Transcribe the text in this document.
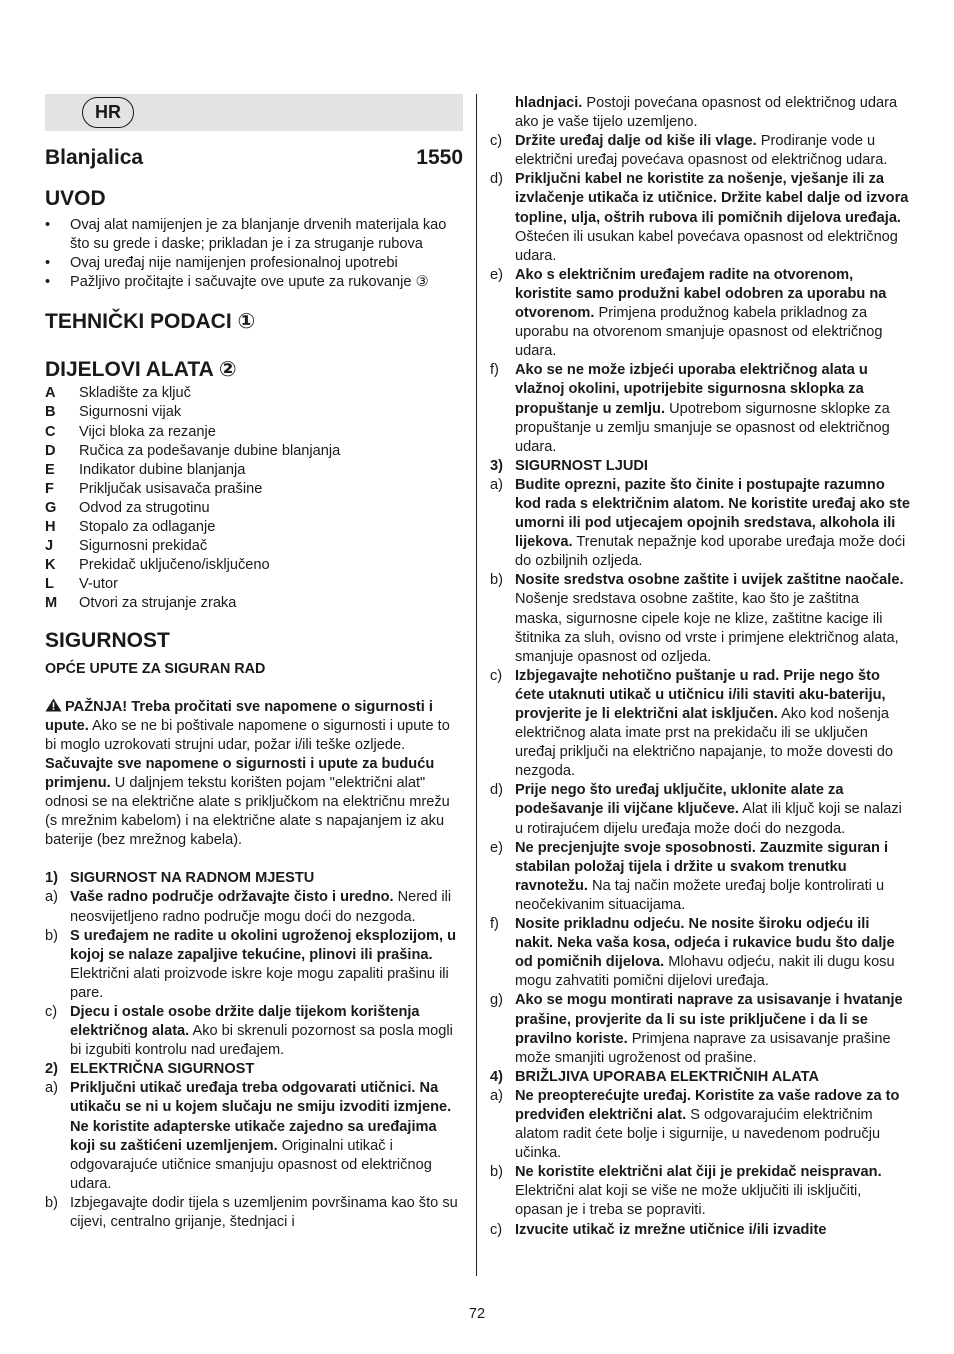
HR
Blanjalica	1550
UVOD
• Ovaj alat namijenjen je za blanjanje drvenih materijala kao što su grede i daske; prikladan je i za struganje rubova
• Ovaj uređaj nije namijenjen profesionalnoj upotrebi
• Pažljivo pročitajte i sačuvajte ove upute za rukovanje ③
TEHNIČKI PODACI ①
DIJELOVI ALATA ②
A	Skladište za ključ
B	Sigurnosni vijak
C	Vijci bloka za rezanje
D	Ručica za podešavanje dubine blanjanja
E	Indikator dubine blanjanja
F	Priključak usisavača prašine
G	Odvod za strugotinu
H	Stopalo za odlaganje
J	Sigurnosni prekidač
K	Prekidač uključeno/isključeno
L	V-utor
M	Otvori za strujanje zraka
SIGURNOST
OPĆE UPUTE ZA SIGURAN RAD
PAŽNJA! Treba pročitati sve napomene o sigurnosti i upute. Ako se ne bi poštivale napomene o sigurnosti i upute to bi moglo uzrokovati strujni udar, požar i/ili teške ozljede. Sačuvajte sve napomene o sigurnosti i upute za buduću primjenu. U daljnjem tekstu korišten pojam "električni alat" odnosi se na električne alate s priključkom na električnu mrežu (s mrežnim kabelom) i na električne alate s napajanjem iz aku baterije (bez mrežnog kabela).
1) SIGURNOST NA RADNOM MJESTU
a) Vaše radno područje održavajte čisto i uredno. Nered ili neosvijetljeno radno područje mogu doći do nezgoda.
b) S uređajem ne radite u okolini ugroženoj eksplozijom, u kojoj se nalaze zapaljive tekućine, plinovi ili prašina. Električni alati proizvode iskre koje mogu zapaliti prašinu ili pare.
c) Djecu i ostale osobe držite dalje tijekom korištenja električnog alata. Ako bi skrenuli pozornost sa posla mogli bi izgubiti kontrolu nad uređajem.
2) ELEKTRIČNA SIGURNOST
a) Priključni utikač uređaja treba odgovarati utičnici. Na utikaču se ni u kojem slučaju ne smiju izvoditi izmjene. Ne koristite adapterske utikače zajedno sa uređajima koji su zaštićeni uzemljenjem. Originalni utikač i odgovarajuće utičnice smanjuju opasnost od električnog udara.
b) Izbjegavajte dodir tijela s uzemljenim površinama kao što su cijevi, centralno grijanje, štednjaci i
hladnjaci. Postoji povećana opasnost od električnog udara ako je vaše tijelo uzemljeno.
c) Držite uređaj dalje od kiše ili vlage. Prodiranje vode u električni uređaj povećava opasnost od električnog udara.
d) Priključni kabel ne koristite za nošenje, vješanje ili za izvlačenje utikača iz utičnice. Držite kabel dalje od izvora topline, ulja, oštrih rubova ili pomičnih dijelova uređaja. Oštećen ili usukan kabel povećava opasnost od električnog udara.
e) Ako s električnim uređajem radite na otvorenom, koristite samo produžni kabel odobren za uporabu na otvorenom. Primjena produžnog kabela prikladnog za uporabu na otvorenom smanjuje opasnost od električnog udara.
f)	Ako se ne može izbjeći uporaba električnog alata u vlažnoj okolini, upotrijebite sigurnosna sklopka za propuštanje u zemlju. Upotrebom sigurnosne sklopke za propuštanje u zemlju smanjuje se opasnost od električnog udara.
3) SIGURNOST LJUDI
a) Budite oprezni, pazite što činite i postupajte razumno kod rada s električnim alatom. Ne koristite uređaj ako ste umorni ili pod utjecajem opojnih sredstava, alkohola ili lijekova. Trenutak nepažnje kod uporabe uređaja može doći do ozbiljnih ozljeda.
b) Nosite sredstva osobne zaštite i uvijek zaštitne naočale. Nošenje sredstava osobne zaštite, kao što je zaštitna maska, sigurnosne cipele koje ne klize, zaštitne kacige ili štitnika za sluh, ovisno od vrste i primjene električnog alata, smanjuje opasnost od ozljeda.
c) Izbjegavajte nehotično puštanje u rad. Prije nego što ćete utaknuti utikač u utičnicu i/ili staviti aku-bateriju, provjerite je li električni alat isključen. Ako kod nošenja električnog alata imate prst na prekidaču ili se uključen uređaj priključi na električno napajanje, to može dovesti do nezgoda.
d) Prije nego što uređaj uključite, uklonite alate za podešavanje ili vijčane ključeve. Alat ili ključ koji se nalazi u rotirajućem dijelu uređaja može doći do nezgoda.
e) Ne precjenjujte svoje sposobnosti. Zauzmite siguran i stabilan položaj tijela i držite u svakom trenutku ravnotežu. Na taj način možete uređaj bolje kontrolirati u neočekivanim situacijama.
f)	Nosite prikladnu odjeću. Ne nosite široku odjeću ili nakit. Neka vaša kosa, odjeća i rukavice budu što dalje od pomičnih dijelova. Mlohavu odjeću, nakit ili dugu kosu mogu zahvatiti pomični dijelovi uređaja.
g) Ako se mogu montirati naprave za usisavanje i hvatanje prašine, provjerite da li su iste priključene i da li se pravilno koriste. Primjena naprave za usisavanje prašine može smanjiti ugroženost od prašine.
4) BRIŽLJIVA UPORABA ELEKTRIČNIH ALATA
a) Ne preopterećujte uređaj. Koristite za vaše radove za to predviđen električni alat. S odgovarajućim električnim alatom radit ćete bolje i sigurnije, u navedenom području učinka.
b) Ne koristite električni alat čiji je prekidač neispravan. Električni alat koji se više ne može uključiti ili isključiti, opasan je i treba se popraviti.
c) Izvucite utikač iz mrežne utičnice i/ili izvadite
72
